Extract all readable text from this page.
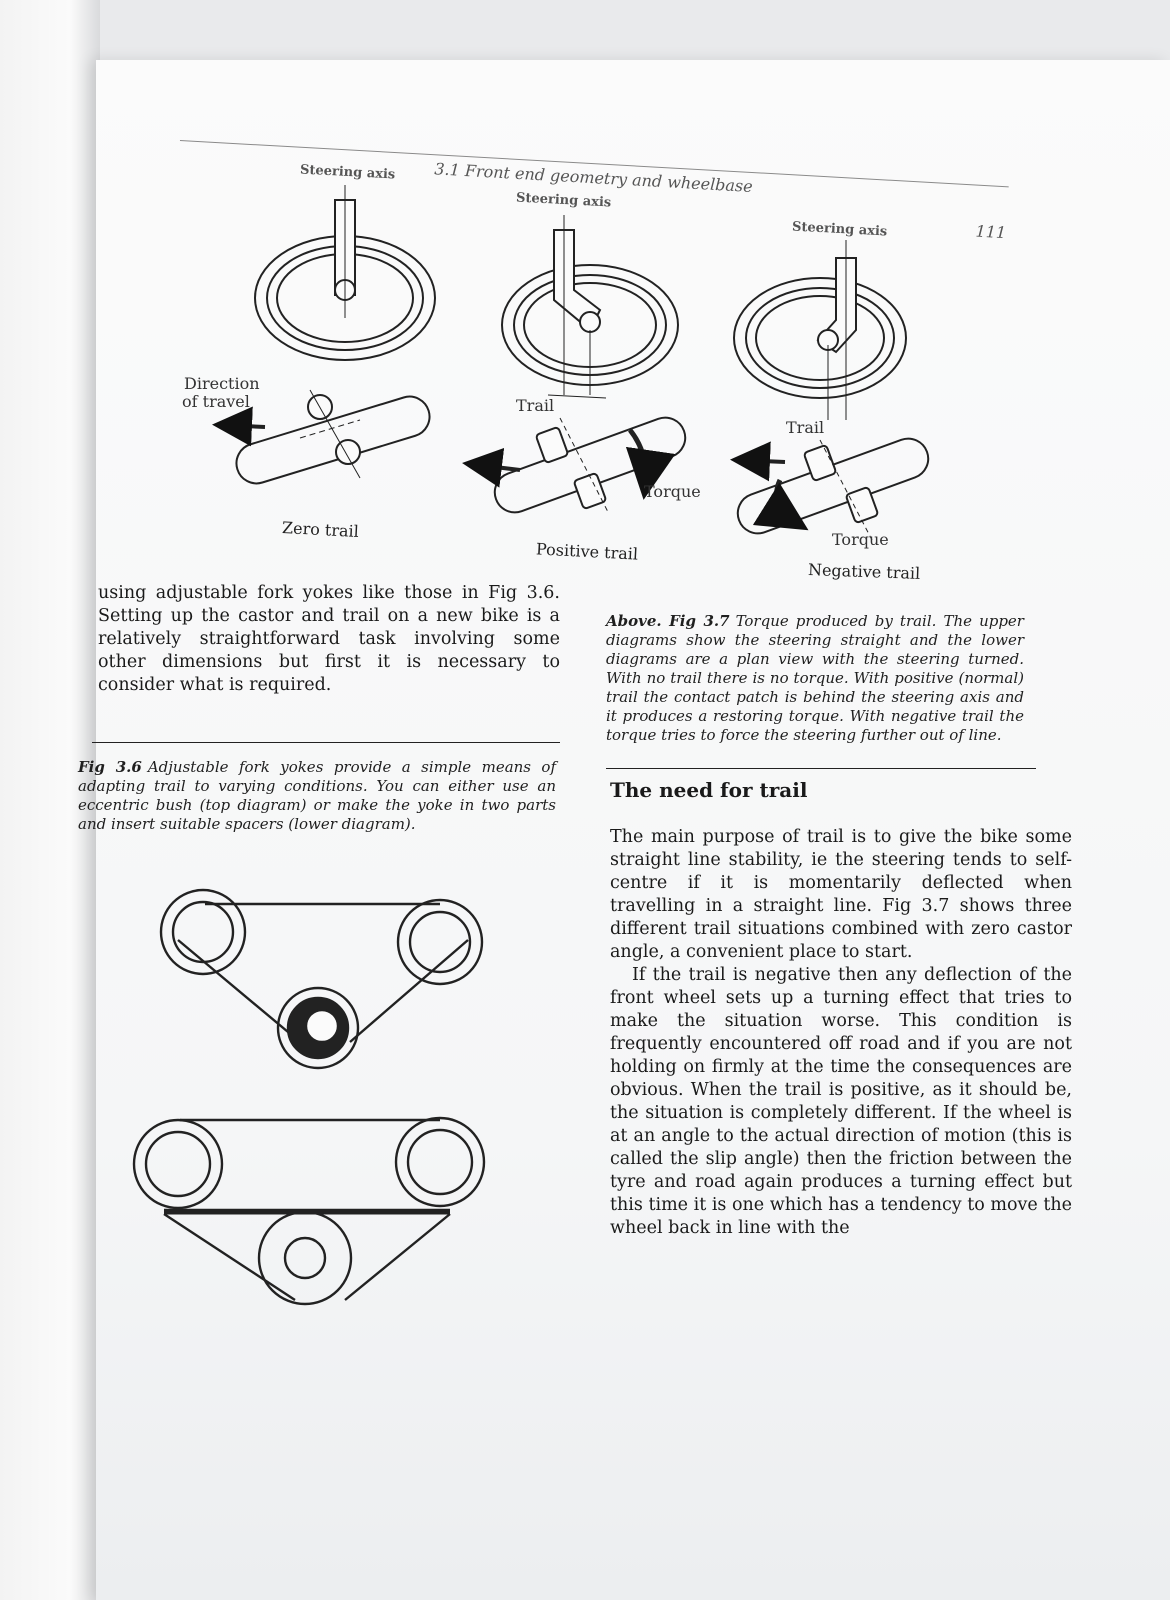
3.1 Front end geometry and wheelbase
111
Steering axis
Steering axis
Steering axis
Direction
of travel	Trail
Trail
Torque
Torque
Zero trail
Positive trail
Negative trail

using adjustable fork yokes like those in Fig 3.6. Setting up the castor and trail on a new bike is a relatively straightforward task involving some other dimensions but first it is necessary to consider what is required.

Fig 3.6 Adjustable fork yokes provide a simple means of adapting trail to varying conditions. You can either use an eccentric bush (top diagram) or make the yoke in two parts and insert suitable spacers (lower diagram).

Above. Fig 3.7 Torque produced by trail. The upper diagrams show the steering straight and the lower diagrams are a plan view with the steering turned. With no trail there is no torque. With positive (normal) trail the contact patch is behind the steering axis and it produces a restoring torque. With negative trail the torque tries to force the steering further out of line.

The need for trail
The main purpose of trail is to give the bike some straight line stability, ie the steering tends to self-centre if it is momentarily deflected when travelling in a straight line. Fig 3.7 shows three different trail situations combined with zero castor angle, a convenient place to start.
If the trail is negative then any deflection of the front wheel sets up a turning effect that tries to make the situation worse. This condition is frequently encountered off road and if you are not holding on firmly at the time the consequences are obvious. When the trail is positive, as it should be, the situation is completely different. If the wheel is at an angle to the actual direction of motion (this is called the slip angle) then the friction between the tyre and road again produces a turning effect but this time it is one which has a tendency to move the wheel back in line with the
